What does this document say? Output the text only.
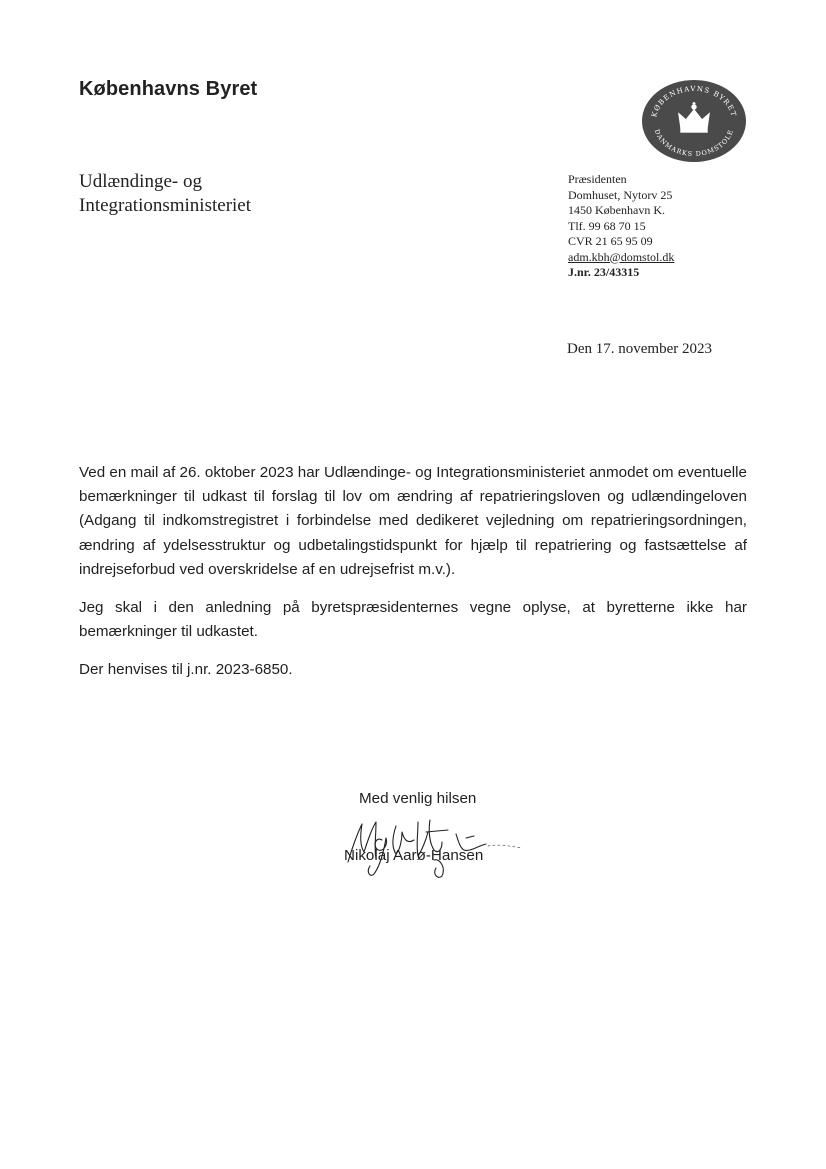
Københavns Byret
KØBENHAVNS BYRET
DANMARKS DOMSTOLE
Udlændinge- og
Integrationsministeriet
Præsidenten
Domhuset, Nytorv 25
1450 København K.
Tlf. 99 68 70 15
CVR 21 65 95 09
adm.kbh@domstol.dk
J.nr. 23/43315
Den 17. november 2023

Ved en mail af 26. oktober 2023 har Udlændinge- og Integrationsministeriet anmodet om eventuelle bemærkninger til udkast til forslag til lov om ændring af repatrieringsloven og udlændingeloven (Adgang til indkomstregistret i forbindelse med dedikeret vejledning om repatrieringsordningen, ændring af ydelsesstruktur og udbetalingstidspunkt for hjælp til repatriering og fastsættelse af indrejseforbud ved overskridelse af en udrejsefrist m.v.).

Jeg skal i den anledning på byretspræsidenternes vegne oplyse, at byretterne ikke har bemærkninger til udkastet.

Der henvises til j.nr. 2023-6850.

Med venlig hilsen
Nikolaj Aarø-Hansen
